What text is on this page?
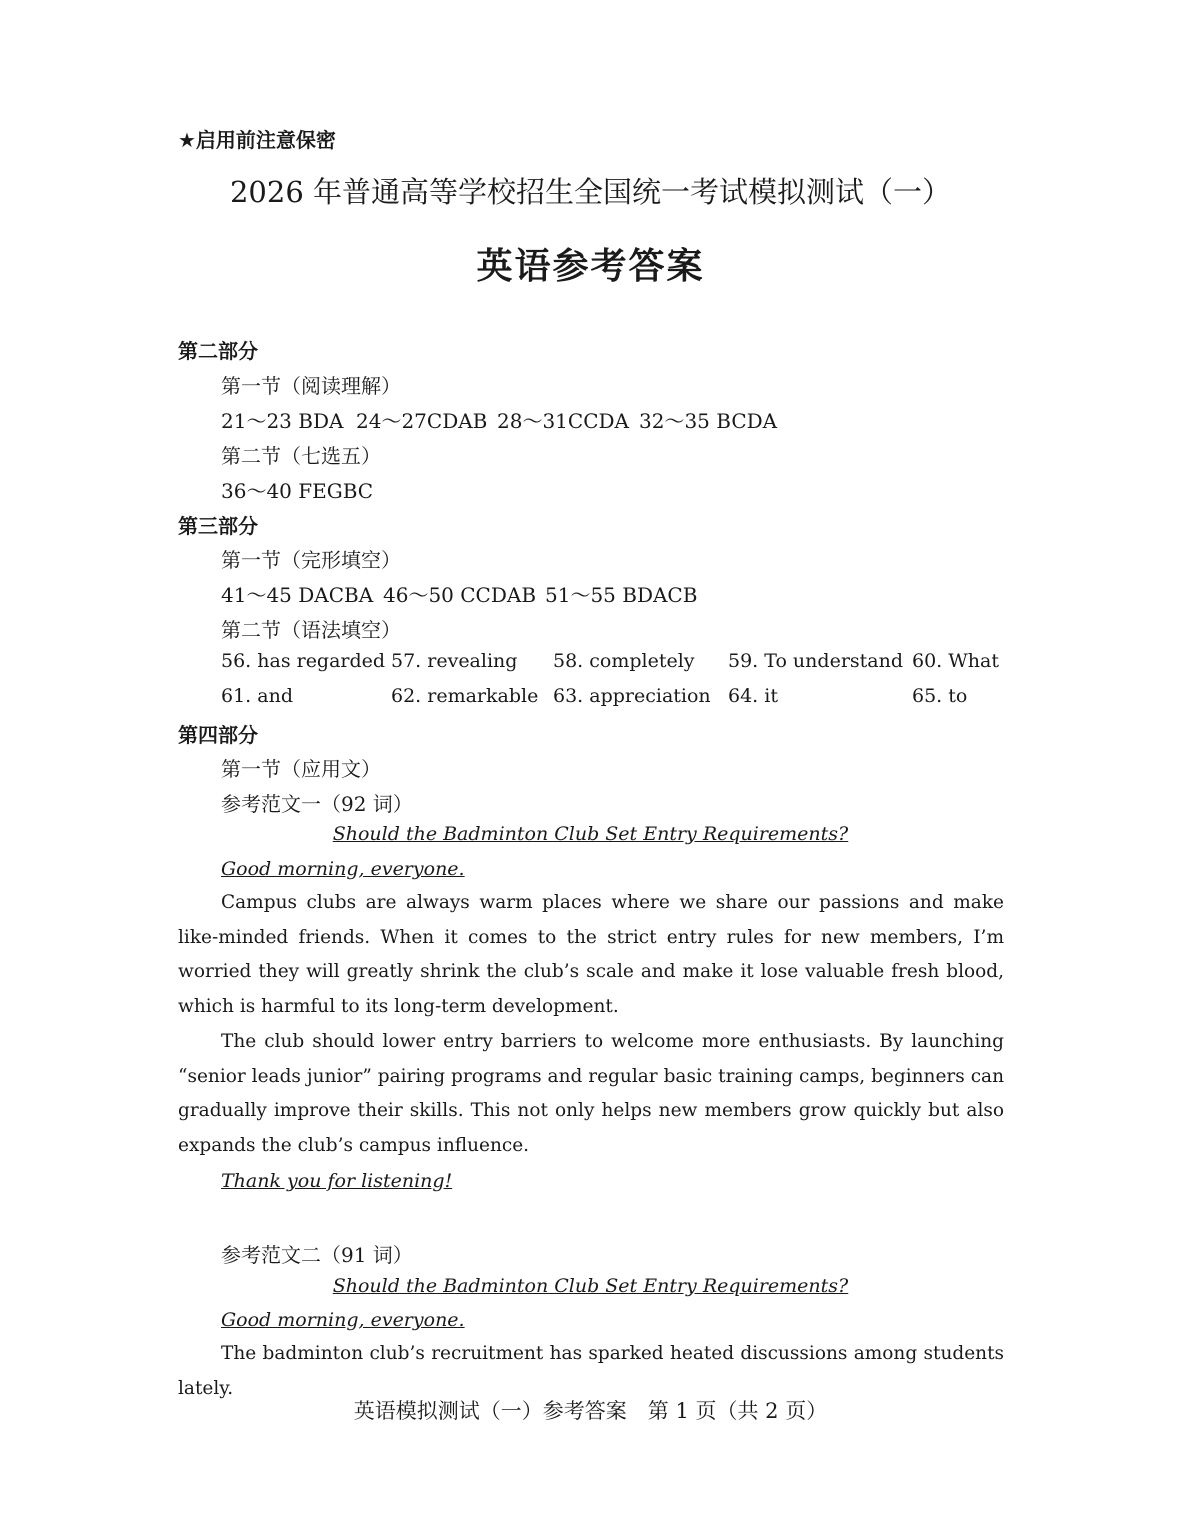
★启用前注意保密
2026 年普通高等学校招生全国统一考试模拟测试（一）
英语参考答案
第二部分
第一节（阅读理解）
21～23 BDA 24～27CDAB 28～31CCDA 32～35 BCDA
第二节（七选五）
36～40 FEGBC
第三部分
第一节（完形填空）
41～45 DACBA 46～50 CCDAB 51～55 BDACB
第二节（语法填空）
56. has regarded 57. revealing 58. completely 59. To understand 60. What
61. and	62. remarkable 63. appreciation 64. it	65. to
第四部分
第一节（应用文）
参考范文一（92 词）
Should the Badminton Club Set Entry Requirements?
Good morning, everyone.
Campus clubs are always warm places where we share our passions and make like-minded friends. When it comes to the strict entry rules for new members, I’m worried they will greatly shrink the club’s scale and make it lose valuable fresh blood, which is harmful to its long-term development.
The club should lower entry barriers to welcome more enthusiasts. By launching “senior leads junior” pairing programs and regular basic training camps, beginners can gradually improve their skills. This not only helps new members grow quickly but also expands the club’s campus influence.
Thank you for listening!
参考范文二（91 词）
Should the Badminton Club Set Entry Requirements?
Good morning, everyone.
The badminton club’s recruitment has sparked heated discussions among students lately.
英语模拟测试（一）参考答案　第 1 页（共 2 页）
